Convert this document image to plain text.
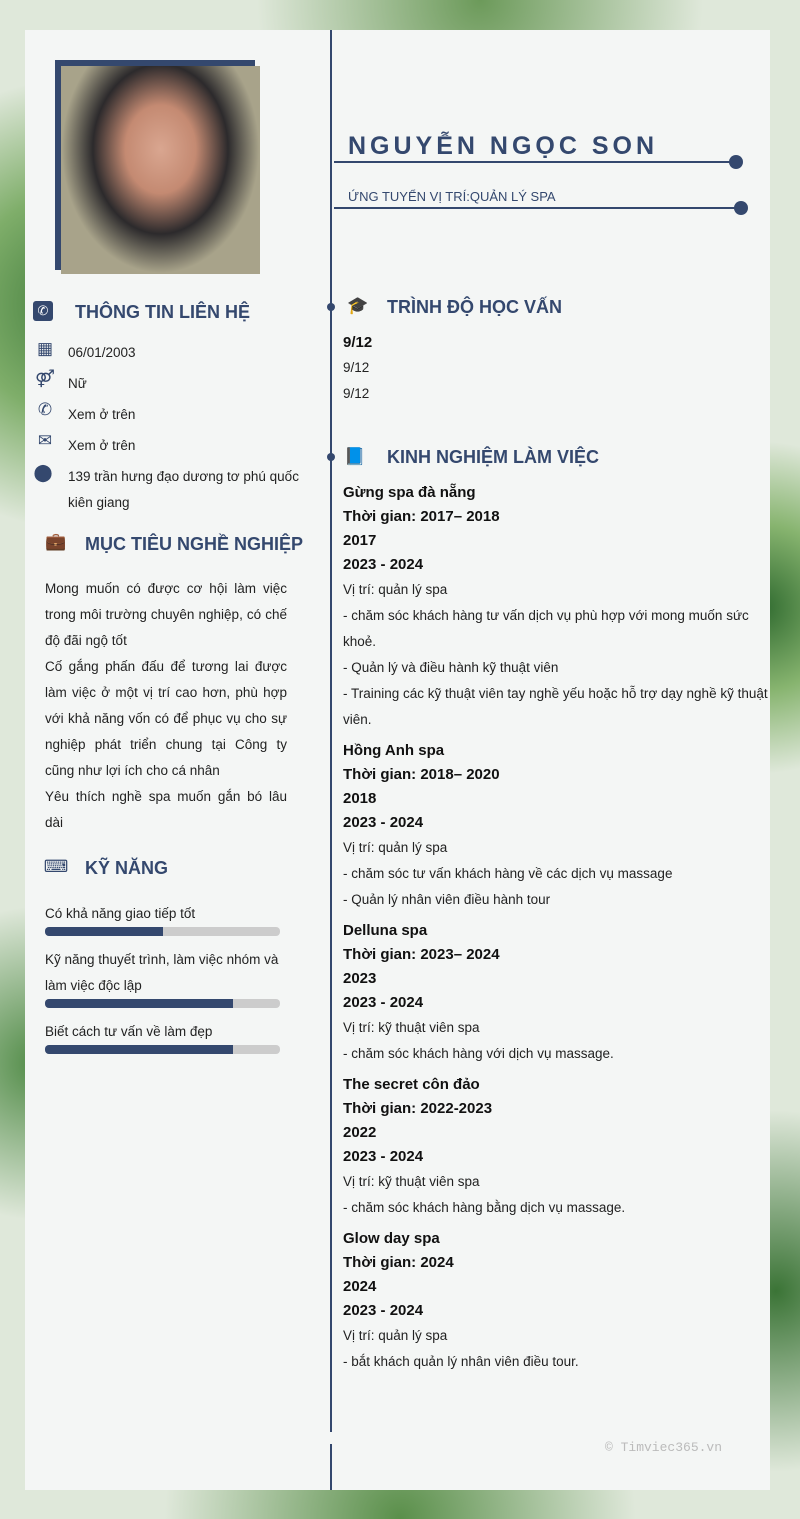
NGUYỄN NGỌC SON
ỨNG TUYỂN VỊ TRÍ:QUẢN LÝ SPA
✆ THÔNG TIN LIÊN HỆ
▦ 06/01/2003
⚤ Nữ
✆ Xem ở trên
✉ Xem ở trên
⬤ 139 trần hưng đạo dương tơ phú quốc kiên giang
💼 MỤC TIÊU NGHỀ NGHIỆP
Mong muốn có được cơ hội làm việc trong môi trường chuyên nghiệp, có chế độ đãi ngộ tốt
Cố gắng phấn đấu để tương lai được làm việc ở một vị trí cao hơn, phù hợp với khả năng vốn có để phục vụ cho sự nghiệp phát triển chung tại Công ty cũng như lợi ích cho cá nhân
Yêu thích nghề spa muốn gắn bó lâu dài
⌨ KỸ NĂNG
Có khả năng giao tiếp tốt
Kỹ năng thuyết trình, làm việc nhóm và làm việc độc lập
Biết cách tư vấn về làm đẹp
🎓 TRÌNH ĐỘ HỌC VẤN
9/12
9/12
9/12
📘 KINH NGHIỆM LÀM VIỆC
Gừng spa đà nẵng
Thời gian: 2017– 2018
2017
2023 - 2024
Vị trí: quản lý spa
- chăm sóc khách hàng tư vấn dịch vụ phù hợp với mong muốn sức khoẻ.
- Quản lý và điều hành kỹ thuật viên
- Training các kỹ thuật viên tay nghề yếu hoặc hỗ trợ dạy nghề kỹ thuật viên.
Hồng Anh spa
Thời gian: 2018– 2020
2018
2023 - 2024
Vị trí: quản lý spa
- chăm sóc tư vấn khách hàng về các dịch vụ massage
- Quản lý nhân viên điều hành tour
Delluna spa
Thời gian: 2023– 2024
2023
2023 - 2024
Vị trí: kỹ thuật viên spa
- chăm sóc khách hàng với dịch vụ massage.
The secret côn đảo
Thời gian: 2022-2023
2022
2023 - 2024
Vị trí: kỹ thuật viên spa
- chăm sóc khách hàng bằng dịch vụ massage.
Glow day spa
Thời gian: 2024
2024
2023 - 2024
Vị trí: quản lý spa
- bắt khách quản lý nhân viên điều tour.
© Timviec365.vn
